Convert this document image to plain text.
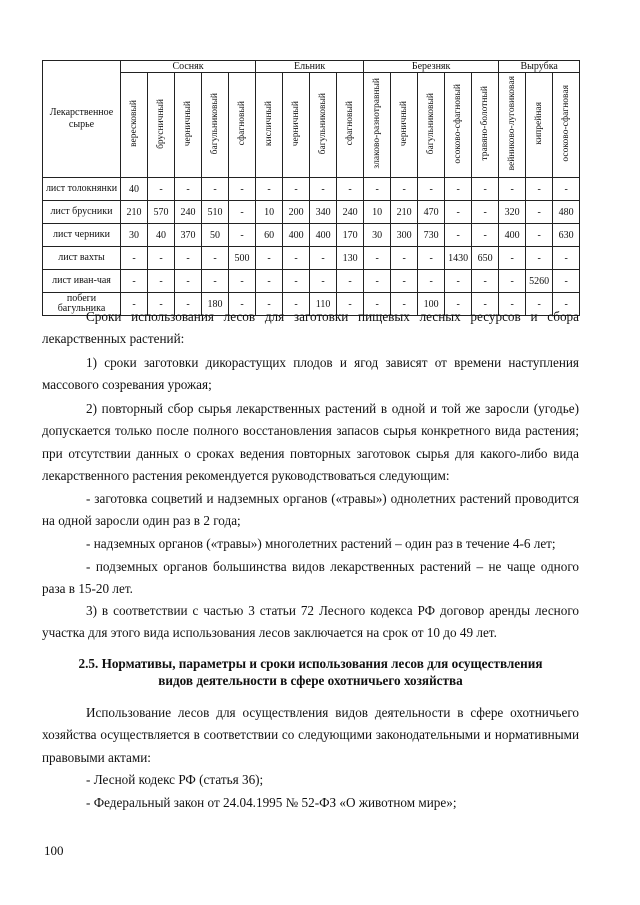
Лекарственное сырье	Сосняк					Ельник				Березняк					Вырубка		
	вересковый	брусничный	черничный	багульниковый	сфагновый	кисличный	черничный	багульниковый	сфагновый	злаково-разнотравный	черничный	багульниковый	осоково-сфагновый	травяно-болотный	вейниково-луговиковая	кипрейная	осоково-сфагновая
лист толокнянки	40	-	-	-	-	-	-	-	-	-	-	-	-	-	-	-	-
лист брусники	210	570	240	510	-	10	200	340	240	10	210	470	-	-	320	-	480
лист черники	30	40	370	50	-	60	400	400	170	30	300	730	-	-	400	-	630
лист вахты	-	-	-	-	500	-	-	-	130	-	-	-	1430	650	-	-	-
лист иван-чая	-	-	-	-	-	-	-	-	-	-	-	-	-	-	-	5260	-
побеги багульника	-	-	-	180	-	-	-	110	-	-	-	100	-	-	-	-	-

Сроки использования лесов для заготовки пищевых лесных ресурсов и сбора лекарственных растений:

1) сроки заготовки дикорастущих плодов и ягод зависят от времени наступления массового созревания урожая;

2) повторный сбор сырья лекарственных растений в одной и той же заросли (угодье) допускается только после полного восстановления запасов сырья конкретного вида растения; при отсутствии данных о сроках ведения повторных заготовок сырья для какого-либо вида лекарственного растения рекомендуется руководствоваться следующим:

- заготовка соцветий и надземных органов («травы») однолетних растений проводится на одной заросли один раз в 2 года;

- надземных органов («травы») многолетних растений – один раз в течение 4-6 лет;

- подземных органов большинства видов лекарственных растений – не чаще одного раза в 15-20 лет.

3) в соответствии с частью 3 статьи 72 Лесного кодекса РФ договор аренды лесного участка для этого вида использования лесов заключается на срок от 10 до 49 лет.

2.5. Нормативы, параметры и сроки использования лесов для осуществления

видов деятельности в сфере охотничьего хозяйства

Использование лесов для осуществления видов деятельности в сфере охотничьего хозяйства осуществляется в соответствии со следующими законодательными и нормативными правовыми актами:

- Лесной кодекс РФ (статья 36);

- Федеральный закон от 24.04.1995 № 52-ФЗ «О животном мире»;

100
